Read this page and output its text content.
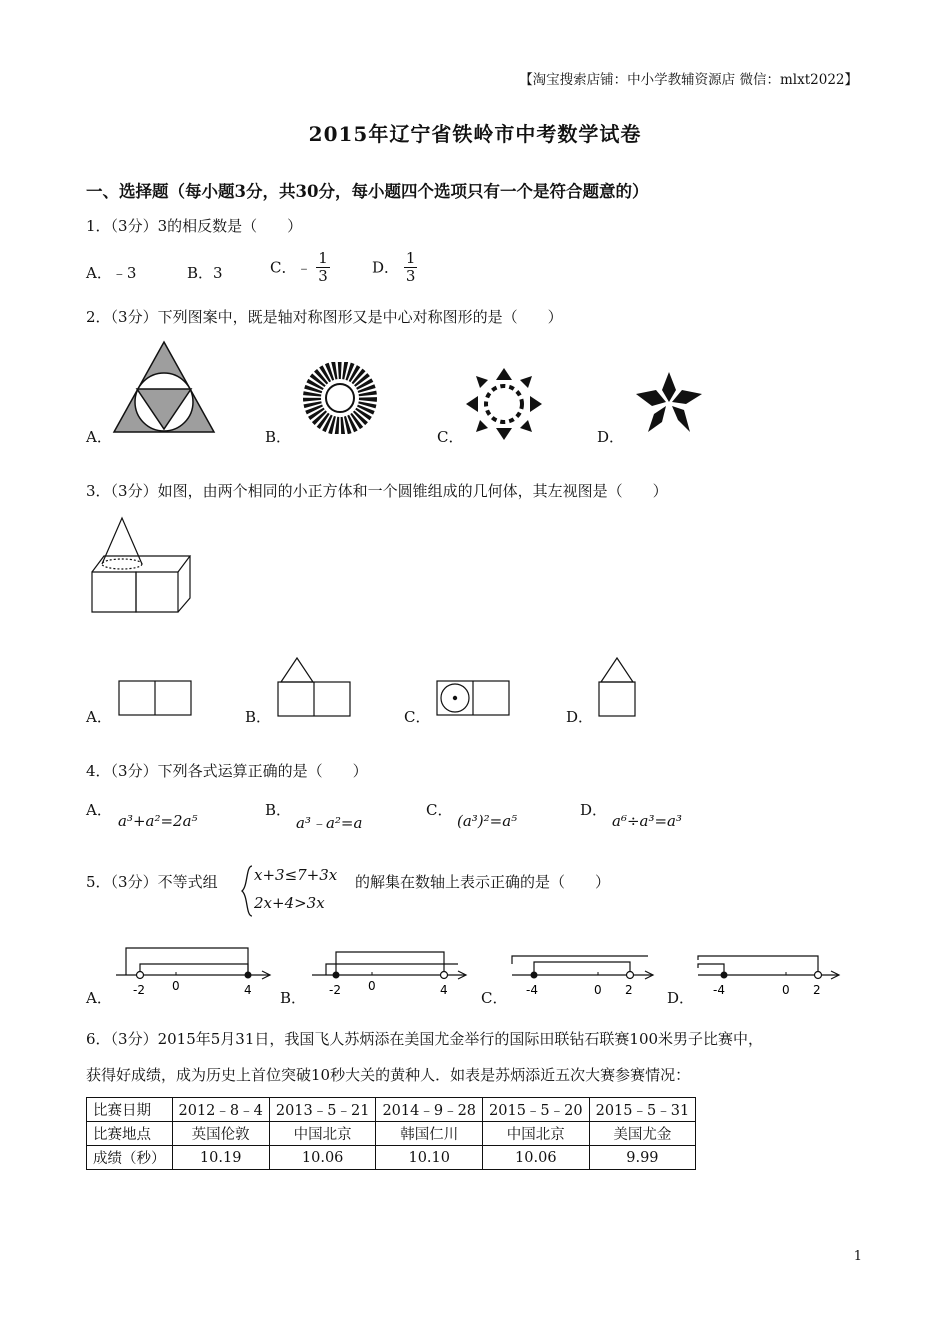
【淘宝搜索店铺：中小学教辅资源店 微信：mlxt2022】
2015年辽宁省铁岭市中考数学试卷
一、选择题（每小题3分，共30分，每小题四个选项只有一个是符合题意的）
1．（3分）3的相反数是（　　）
A．﹣3	B．3	C．﹣ $\frac{1}{3}$	D． $\frac{1}{3}$
2．（3分）下列图案中，既是轴对称图形又是中心对称图形的是（　　）
A．	B．	C．	D．
3．（3分）如图，由两个相同的小正方体和一个圆锥组成的几何体，其左视图是（　　）
A．	B．	C．	D．
4．（3分）下列各式运算正确的是（　　）
A．
a³+a²=2a⁵
B．
a³﹣a²=a
C．
(a³)²=a⁵
D．
a⁶÷a³=a³
5．（3分）不等式组 x+3≤7+3x
2x+4>3x
的解集在数轴上表示正确的是（　　）
A． -2 0	4 B． -2 0	4 C． -4	0 2 D． -4	0 2
6．（3分）2015年5月31日，我国飞人苏炳添在美国尤金举行的国际田联钻石联赛100米男子比赛中，
获得好成绩，成为历史上首位突破10秒大关的黄种人．如表是苏炳添近五次大赛参赛情况：
比赛日期	2012﹣8﹣4	2013﹣5﹣21	2014﹣9﹣28	2015﹣5﹣20	2015﹣5﹣31
比赛地点	英国伦敦	中国北京	韩国仁川	中国北京	美国尤金
成绩（秒）	10.19	10.06	10.10	10.06	9.99
1
